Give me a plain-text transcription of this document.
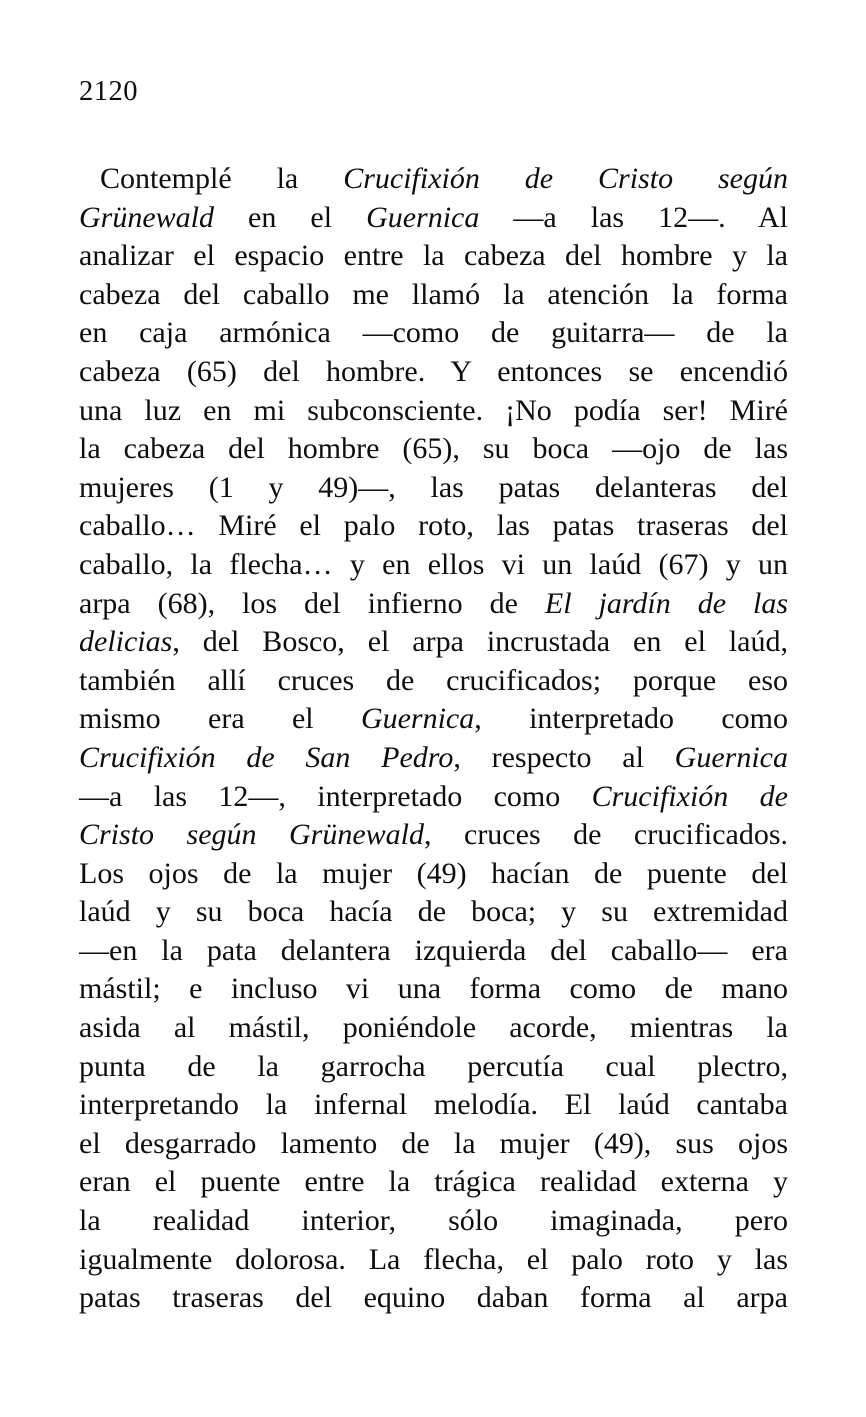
2120
Contemplé la Crucifixión de Cristo según
Grünewald en el Guernica —a las 12—. Al
analizar el espacio entre la cabeza del hombre y la
cabeza del caballo me llamó la atención la forma
en caja armónica —como de guitarra— de la
cabeza (65) del hombre. Y entonces se encendió
una luz en mi subconsciente. ¡No podía ser! Miré
la cabeza del hombre (65), su boca —ojo de las
mujeres (1 y 49)—, las patas delanteras del
caballo… Miré el palo roto, las patas traseras del
caballo, la flecha… y en ellos vi un laúd (67) y un
arpa (68), los del infierno de El jardín de las
delicias, del Bosco, el arpa incrustada en el laúd,
también allí cruces de crucificados; porque eso
mismo era el Guernica, interpretado como
Crucifixión de San Pedro, respecto al Guernica
—a las 12—, interpretado como Crucifixión de
Cristo según Grünewald, cruces de crucificados.
Los ojos de la mujer (49) hacían de puente del
laúd y su boca hacía de boca; y su extremidad
—en la pata delantera izquierda del caballo— era
mástil; e incluso vi una forma como de mano
asida al mástil, poniéndole acorde, mientras la
punta de la garrocha percutía cual plectro,
interpretando la infernal melodía. El laúd cantaba
el desgarrado lamento de la mujer (49), sus ojos
eran el puente entre la trágica realidad externa y
la realidad interior, sólo imaginada, pero
igualmente dolorosa. La flecha, el palo roto y las
patas traseras del equino daban forma al arpa
